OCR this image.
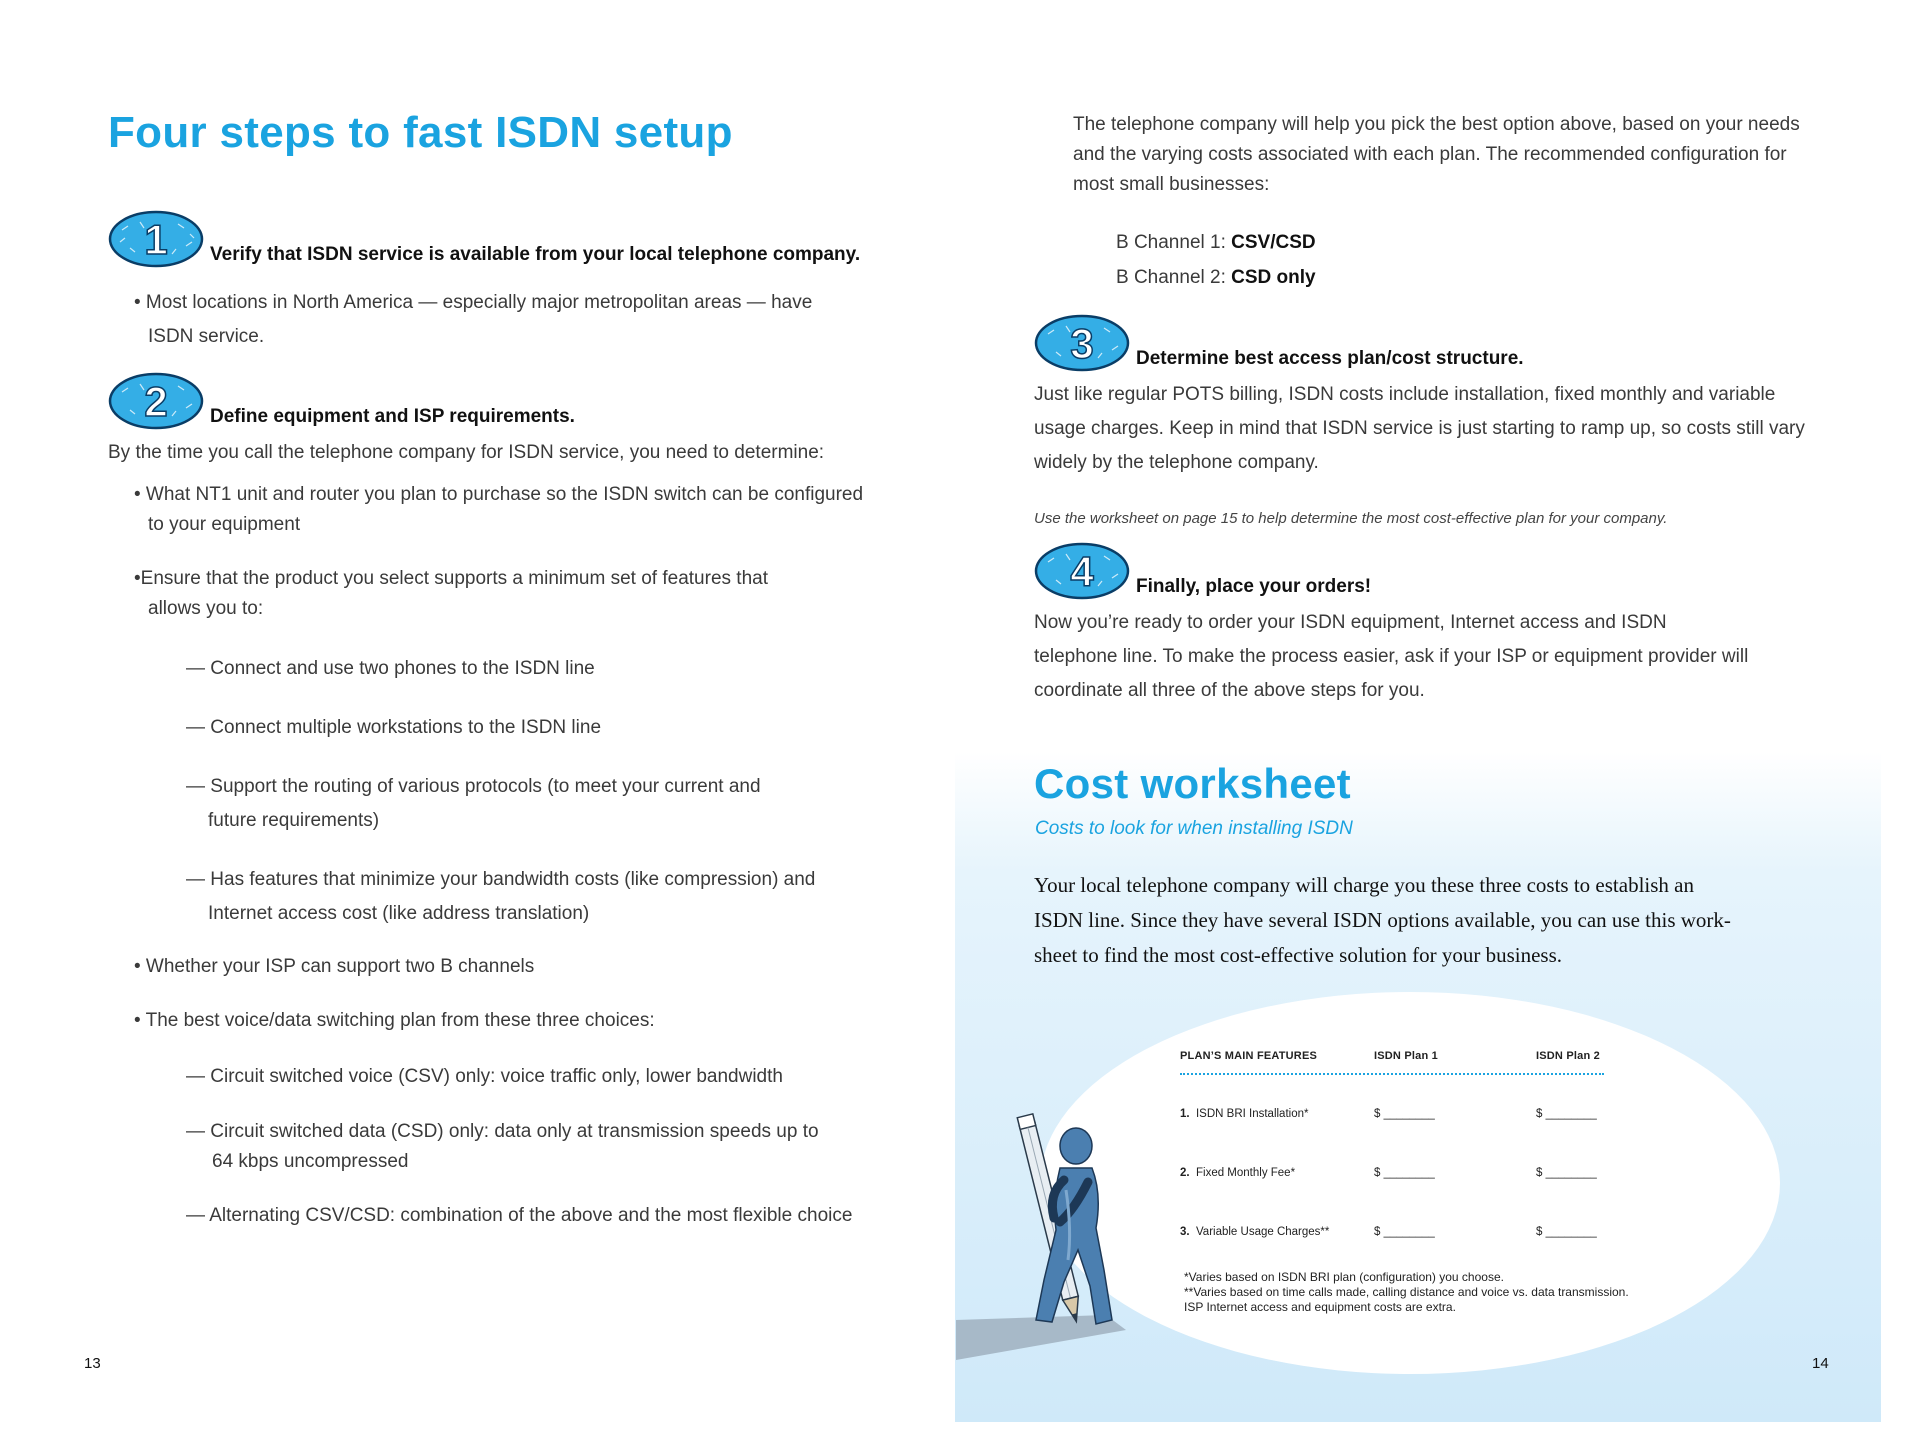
Four steps to fast ISDN setup
1 Verify that ISDN service is available from your local telephone company.
• Most locations in North America — especially major metropolitan areas — have
ISDN service.
2 Define equipment and ISP requirements.
By the time you call the telephone company for ISDN service, you need to determine:
• What NT1 unit and router you plan to purchase so the ISDN switch can be configured
to your equipment
•Ensure that the product you select supports a minimum set of features that
allows you to:
— Connect and use two phones to the ISDN line
— Connect multiple workstations to the ISDN line
— Support the routing of various protocols (to meet your current and
future requirements)
— Has features that minimize your bandwidth costs (like compression) and
Internet access cost (like address translation)
• Whether your ISP can support two B channels
• The best voice/data switching plan from these three choices:
— Circuit switched voice (CSV) only: voice traffic only, lower bandwidth
— Circuit switched data (CSD) only: data only at transmission speeds up to
64 kbps uncompressed
— Alternating CSV/CSD: combination of the above and the most flexible choice
13
The telephone company will help you pick the best option above, based on your needs
and the varying costs associated with each plan. The recommended configuration for
most small businesses:
B Channel 1: CSV/CSD
B Channel 2: CSD only
3 Determine best access plan/cost structure.
Just like regular POTS billing, ISDN costs include installation, fixed monthly and variable
usage charges. Keep in mind that ISDN service is just starting to ramp up, so costs still vary
widely by the telephone company.
Use the worksheet on page 15 to help determine the most cost-effective plan for your company.
4 Finally, place your orders!
Now you’re ready to order your ISDN equipment, Internet access and ISDN
telephone line. To make the process easier, ask if your ISP or equipment provider will
coordinate all three of the above steps for you.
Cost worksheet
Costs to look for when installing ISDN
Your local telephone company will charge you these three costs to establish an
ISDN line. Since they have several ISDN options available, you can use this work-
sheet to find the most cost-effective solution for your business.
PLAN’S MAIN FEATURES	ISDN Plan 1	ISDN Plan 2
1. ISDN BRI Installation*	$ ________	$ ________
2. Fixed Monthly Fee*	$ ________	$ ________
3. Variable Usage Charges**	$ ________	$ ________
*Varies based on ISDN BRI plan (configuration) you choose.
**Varies based on time calls made, calling distance and voice vs. data transmission.
ISP Internet access and equipment costs are extra.
14
